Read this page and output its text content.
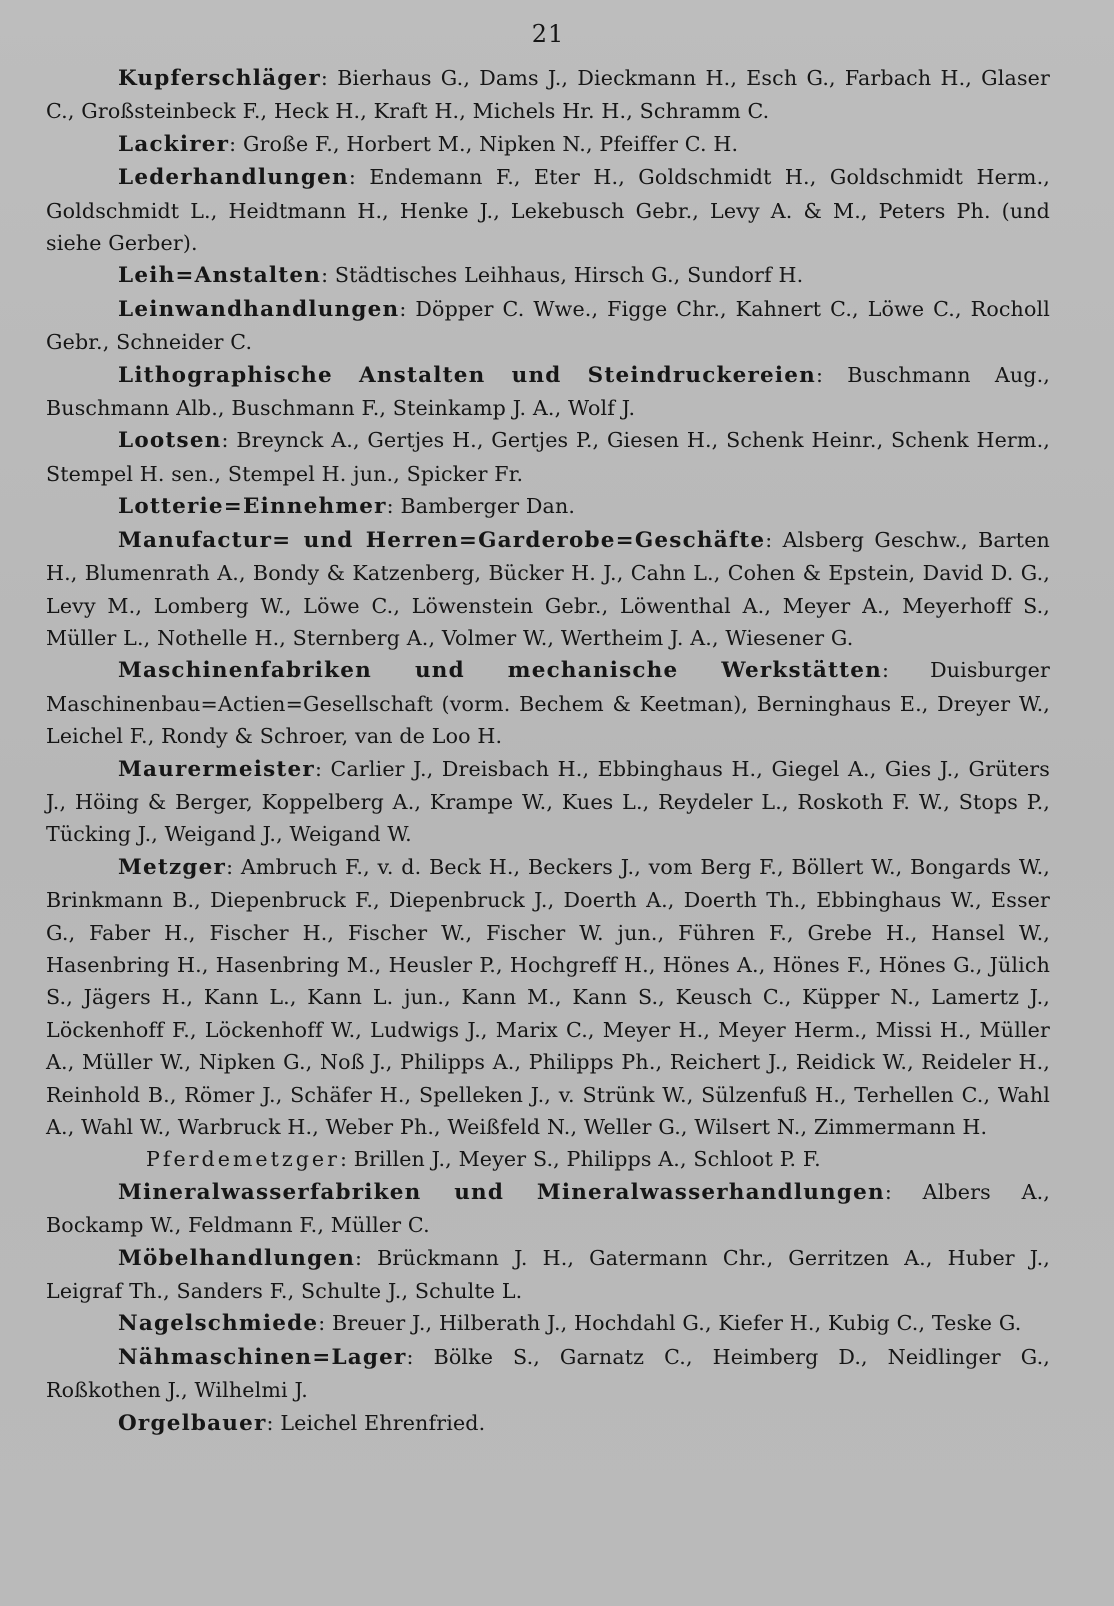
21

Kupferschläger: Bierhaus G., Dams J., Dieckmann H., Esch G., Farbach H., Glaser C., Großsteinbeck F., Heck H., Kraft H., Michels Hr. H., Schramm C.

Lackirer: Große F., Horbert M., Nipken N., Pfeiffer C. H.

Lederhandlungen: Endemann F., Eter H., Goldschmidt H., Goldschmidt Herm., Goldschmidt L., Heidtmann H., Henke J., Lekebusch Gebr., Levy A. & M., Peters Ph. (und siehe Gerber).

Leih=Anstalten: Städtisches Leihhaus, Hirsch G., Sundorf H.

Leinwandhandlungen: Döpper C. Wwe., Figge Chr., Kahnert C., Löwe C., Rocholl Gebr., Schneider C.

Lithographische Anstalten und Steindruckereien: Buschmann Aug., Buschmann Alb., Buschmann F., Steinkamp J. A., Wolf J.

Lootsen: Breynck A., Gertjes H., Gertjes P., Giesen H., Schenk Heinr., Schenk Herm., Stempel H. sen., Stempel H. jun., Spicker Fr.

Lotterie=Einnehmer: Bamberger Dan.

Manufactur= und Herren=Garderobe=Geschäfte: Alsberg Geschw., Barten H., Blumenrath A., Bondy & Katzenberg, Bücker H. J., Cahn L., Cohen & Epstein, David D. G., Levy M., Lomberg W., Löwe C., Löwenstein Gebr., Löwenthal A., Meyer A., Meyerhoff S., Müller L., Nothelle H., Sternberg A., Volmer W., Wertheim J. A., Wiesener G.

Maschinenfabriken und mechanische Werkstätten: Duisburger Maschinenbau=Actien=Gesellschaft (vorm. Bechem & Keetman), Berninghaus E., Dreyer W., Leichel F., Rondy & Schroer, van de Loo H.

Maurermeister: Carlier J., Dreisbach H., Ebbinghaus H., Giegel A., Gies J., Grüters J., Höing & Berger, Koppelberg A., Krampe W., Kues L., Reydeler L., Roskoth F. W., Stops P., Tücking J., Weigand J., Weigand W.

Metzger: Ambruch F., v. d. Beck H., Beckers J., vom Berg F., Böllert W., Bongards W., Brinkmann B., Diepenbruck F., Diepenbruck J., Doerth A., Doerth Th., Ebbinghaus W., Esser G., Faber H., Fischer H., Fischer W., Fischer W. jun., Führen F., Grebe H., Hansel W., Hasenbring H., Hasenbring M., Heusler P., Hochgreff H., Hönes A., Hönes F., Hönes G., Jülich S., Jägers H., Kann L., Kann L. jun., Kann M., Kann S., Keusch C., Küpper N., Lamertz J., Löckenhoff F., Löckenhoff W., Ludwigs J., Marix C., Meyer H., Meyer Herm., Missi H., Müller A., Müller W., Nipken G., Noß J., Philipps A., Philipps Ph., Reichert J., Reidick W., Reideler H., Reinhold B., Römer J., Schäfer H., Spelleken J., v. Strünk W., Sülzenfuß H., Terhellen C., Wahl A., Wahl W., Warbruck H., Weber Ph., Weißfeld N., Weller G., Wilsert N., Zimmermann H.

Pferdemetzger: Brillen J., Meyer S., Philipps A., Schloot P. F.

Mineralwasserfabriken und Mineralwasserhandlungen: Albers A., Bockamp W., Feldmann F., Müller C.

Möbelhandlungen: Brückmann J. H., Gatermann Chr., Gerritzen A., Huber J., Leigraf Th., Sanders F., Schulte J., Schulte L.

Nagelschmiede: Breuer J., Hilberath J., Hochdahl G., Kiefer H., Kubig C., Teske G.

Nähmaschinen=Lager: Bölke S., Garnatz C., Heimberg D., Neidlinger G., Roßkothen J., Wilhelmi J.

Orgelbauer: Leichel Ehrenfried.
